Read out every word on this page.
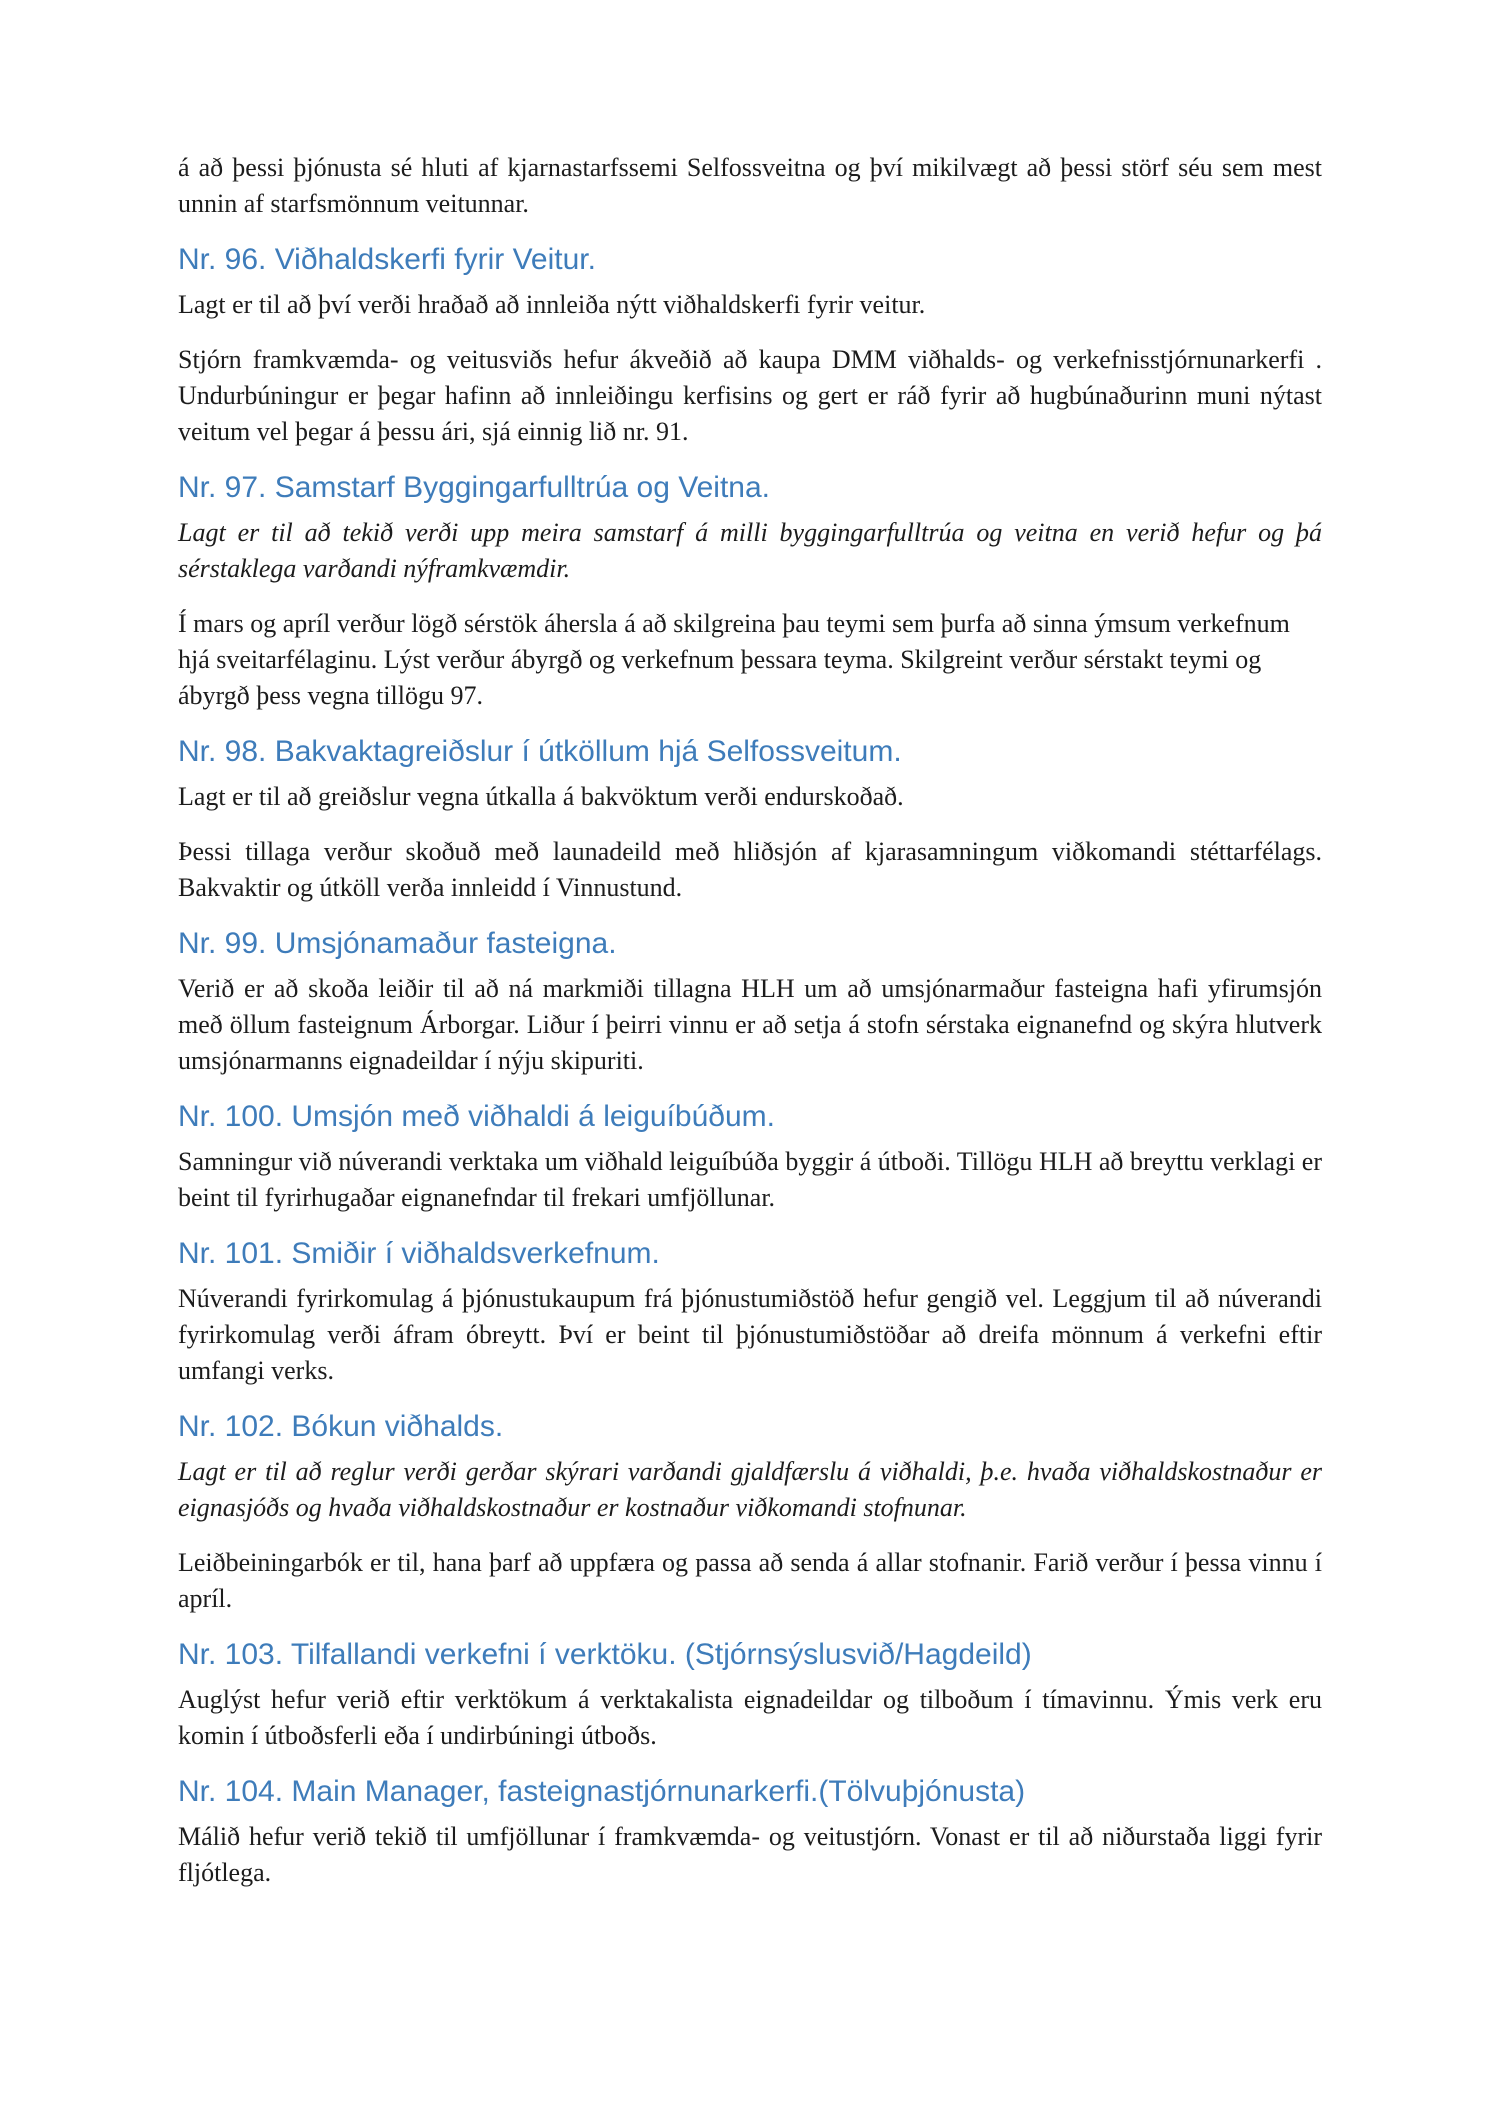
á að þessi þjónusta sé hluti af kjarnastarfssemi Selfossveitna og því mikilvægt að þessi störf séu sem mest unnin af starfsmönnum veitunnar.

Nr. 96. Viðhaldskerfi fyrir Veitur.

Lagt er til að því verði hraðað að innleiða nýtt viðhaldskerfi fyrir veitur.

Stjórn framkvæmda- og veitusviðs hefur ákveðið að kaupa DMM viðhalds- og verkefnisstjórnunarkerfi . Undurbúningur er þegar hafinn að innleiðingu kerfisins og gert er ráð fyrir að hugbúnaðurinn muni nýtast veitum vel þegar á þessu ári, sjá einnig lið nr. 91.

Nr. 97. Samstarf Byggingarfulltrúa og Veitna.

Lagt er til að tekið verði upp meira samstarf á milli byggingarfulltrúa og veitna en verið hefur og þá sérstaklega varðandi nýframkvæmdir.

Í mars og apríl verður lögð sérstök áhersla á að skilgreina þau teymi sem þurfa að sinna ýmsum verkefnum hjá sveitarfélaginu. Lýst verður ábyrgð og verkefnum þessara teyma. Skilgreint verður sérstakt teymi og ábyrgð þess vegna tillögu 97.

Nr. 98. Bakvaktagreiðslur í útköllum hjá Selfossveitum.

Lagt er til að greiðslur vegna útkalla á bakvöktum verði endurskoðað.

Þessi tillaga verður skoðuð með launadeild með hliðsjón af kjarasamningum viðkomandi stéttarfélags. Bakvaktir og útköll verða innleidd í Vinnustund.

Nr. 99. Umsjónamaður fasteigna.

Verið er að skoða leiðir til að ná markmiði tillagna HLH um að umsjónarmaður fasteigna hafi yfirumsjón með öllum fasteignum Árborgar. Liður í þeirri vinnu er að setja á stofn sérstaka eignanefnd og skýra hlutverk umsjónarmanns eignadeildar í nýju skipuriti.

Nr. 100. Umsjón með viðhaldi á leiguíbúðum.

Samningur við núverandi verktaka um viðhald leiguíbúða byggir á útboði. Tillögu HLH að breyttu verklagi er beint til fyrirhugaðar eignanefndar til frekari umfjöllunar.

Nr. 101. Smiðir í viðhaldsverkefnum.

Núverandi fyrirkomulag á þjónustukaupum frá þjónustumiðstöð hefur gengið vel. Leggjum til að núverandi fyrirkomulag verði áfram óbreytt. Því er beint til þjónustumiðstöðar að dreifa mönnum á verkefni eftir umfangi verks.

Nr. 102. Bókun viðhalds.

Lagt er til að reglur verði gerðar skýrari varðandi gjaldfærslu á viðhaldi, þ.e. hvaða viðhaldskostnaður er eignasjóðs og hvaða viðhaldskostnaður er kostnaður viðkomandi stofnunar.

Leiðbeiningarbók er til, hana þarf að uppfæra og passa að senda á allar stofnanir. Farið verður í þessa vinnu í apríl.

Nr. 103. Tilfallandi verkefni í verktöku. (Stjórnsýslusvið/Hagdeild)

Auglýst hefur verið eftir verktökum á verktakalista eignadeildar og tilboðum í tímavinnu. Ýmis verk eru komin í útboðsferli eða í undirbúningi útboðs.

Nr. 104. Main Manager, fasteignastjórnunarkerfi.(Tölvuþjónusta)

Málið hefur verið tekið til umfjöllunar í framkvæmda- og veitustjórn. Vonast er til að niðurstaða liggi fyrir fljótlega.
